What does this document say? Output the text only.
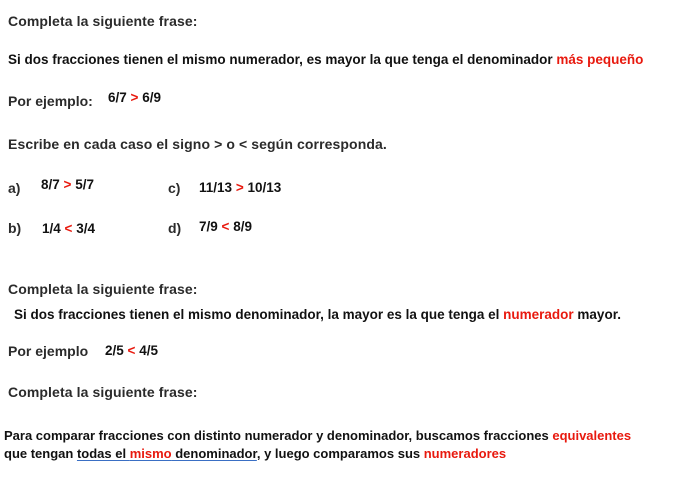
Completa la siguiente frase:
Si dos fracciones tienen el mismo numerador, es mayor la que tenga el denominador más pequeño
Por ejemplo: 6/7 > 6/9
Escribe en cada caso el signo > o < según corresponda.
a) 8/7 > 5/7
b) 1/4 < 3/4
c) 11/13 > 10/13
d) 7/9 < 8/9
Completa la siguiente frase:
Si dos fracciones tienen el mismo denominador, la mayor es la que tenga el numerador mayor.
Por ejemplo 2/5 < 4/5
Completa la siguiente frase:
Para comparar fracciones con distinto numerador y denominador, buscamos fracciones equivalentes
que tengan todas el mismo denominador, y luego comparamos sus numeradores
